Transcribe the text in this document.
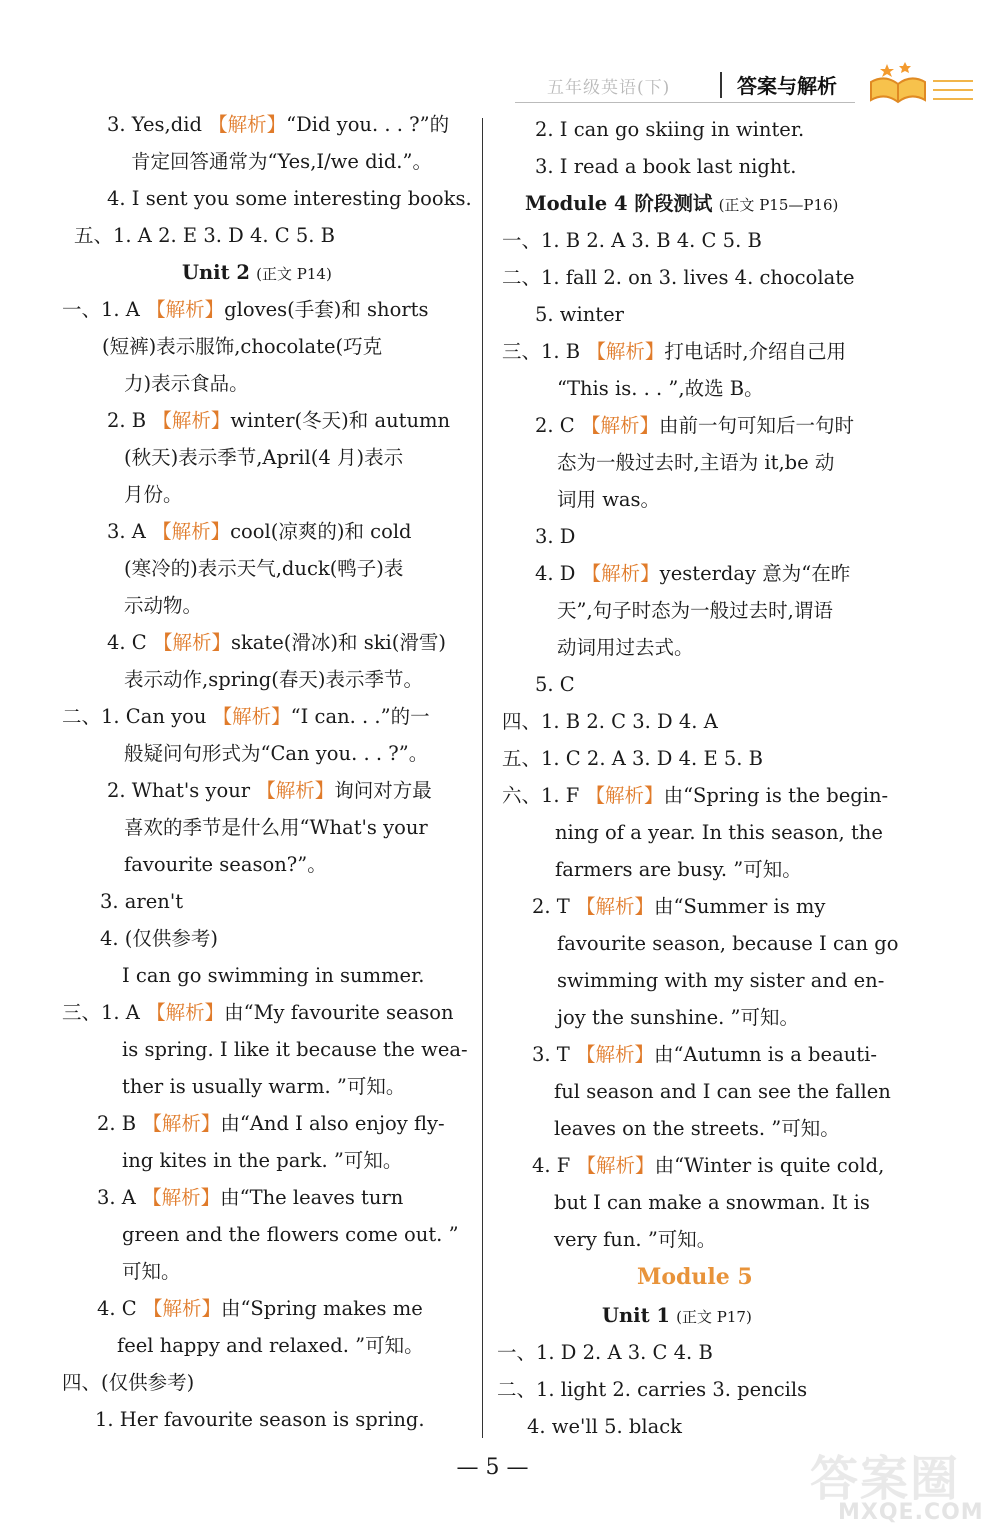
五年级英语(下)	答案与解析
3. Yes,did 【解析】“Did you. . . ?”的
肯定回答通常为“Yes,I/we did.”。
4. I sent you some interesting books.
五、1. A 2. E 3. D 4. C 5. B
Unit 2 (正文 P14)
一、1. A 【解析】gloves(手套)和 shorts
(短裤)表示服饰,chocolate(巧克
力)表示食品。
2. B 【解析】winter(冬天)和 autumn
(秋天)表示季节,April(4 月)表示
月份。
3. A 【解析】cool(凉爽的)和 cold
(寒冷的)表示天气,duck(鸭子)表
示动物。
4. C 【解析】skate(滑冰)和 ski(滑雪)
表示动作,spring(春天)表示季节。
二、1. Can you 【解析】“I can. . .”的一
般疑问句形式为“Can you. . . ?”。
2. What's your 【解析】询问对方最
喜欢的季节是什么用“What's your
favourite season?”。
3. aren't
4. (仅供参考)
I can go swimming in summer.
三、1. A 【解析】由“My favourite season
is spring. I like it because the wea-
ther is usually warm. ”可知。
2. B 【解析】由“And I also enjoy fly-
ing kites in the park. ”可知。
3. A 【解析】由“The leaves turn
green and the flowers come out. ”
可知。
4. C 【解析】由“Spring makes me
feel happy and relaxed. ”可知。
四、(仅供参考)
1. Her favourite season is spring.
2. I can go skiing in winter.
3. I read a book last night.
Module 4 阶段测试 (正文 P15—P16)
一、1. B 2. A 3. B 4. C 5. B
二、1. fall 2. on 3. lives 4. chocolate
5. winter
三、1. B 【解析】打电话时,介绍自己用
“This is. . . ”,故选 B。
2. C 【解析】由前一句可知后一句时
态为一般过去时,主语为 it,be 动
词用 was。
3. D
4. D 【解析】yesterday 意为“在昨
天”,句子时态为一般过去时,谓语
动词用过去式。
5. C
四、1. B 2. C 3. D 4. A
五、1. C 2. A 3. D 4. E 5. B
六、1. F 【解析】由“Spring is the begin-
ning of a year. In this season, the
farmers are busy. ”可知。
2. T 【解析】由“Summer is my
favourite season, because I can go
swimming with my sister and en-
joy the sunshine. ”可知。
3. T 【解析】由“Autumn is a beauti-
ful season and I can see the fallen
leaves on the streets. ”可知。
4. F 【解析】由“Winter is quite cold,
but I can make a snowman. It is
very fun. ”可知。
Module 5
Unit 1 (正文 P17)
一、1. D 2. A 3. C 4. B
二、1. light 2. carries 3. pencils
4. we'll 5. black
— 5 —	答案圈
MXQE.COM
